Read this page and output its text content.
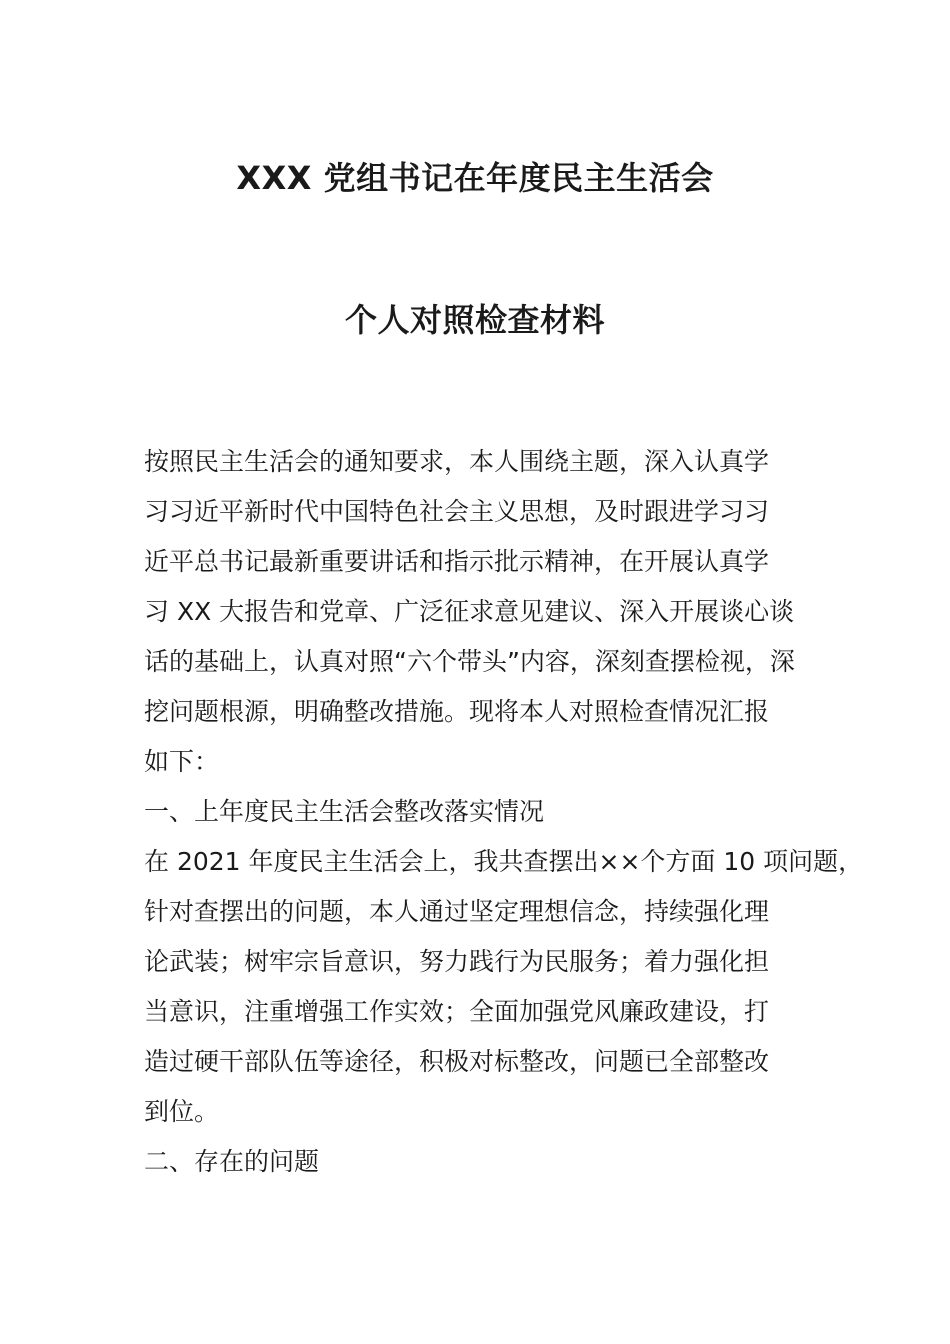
XXX 党组书记在年度民主生活会
个人对照检查材料
按照民主生活会的通知要求，本人围绕主题，深入认真学
习习近平新时代中国特色社会主义思想，及时跟进学习习
近平总书记最新重要讲话和指示批示精神，在开展认真学
习 XX 大报告和党章、广泛征求意见建议、深入开展谈心谈
话的基础上，认真对照“六个带头”内容，深刻查摆检视，深
挖问题根源，明确整改措施。现将本人对照检查情况汇报
如下：
一、上年度民主生活会整改落实情况
在 2021 年度民主生活会上，我共查摆出××个方面 10 项问题，
针对查摆出的问题，本人通过坚定理想信念，持续强化理
论武装；树牢宗旨意识，努力践行为民服务；着力强化担
当意识，注重增强工作实效；全面加强党风廉政建设，打
造过硬干部队伍等途径，积极对标整改，问题已全部整改
到位。
二、存在的问题
